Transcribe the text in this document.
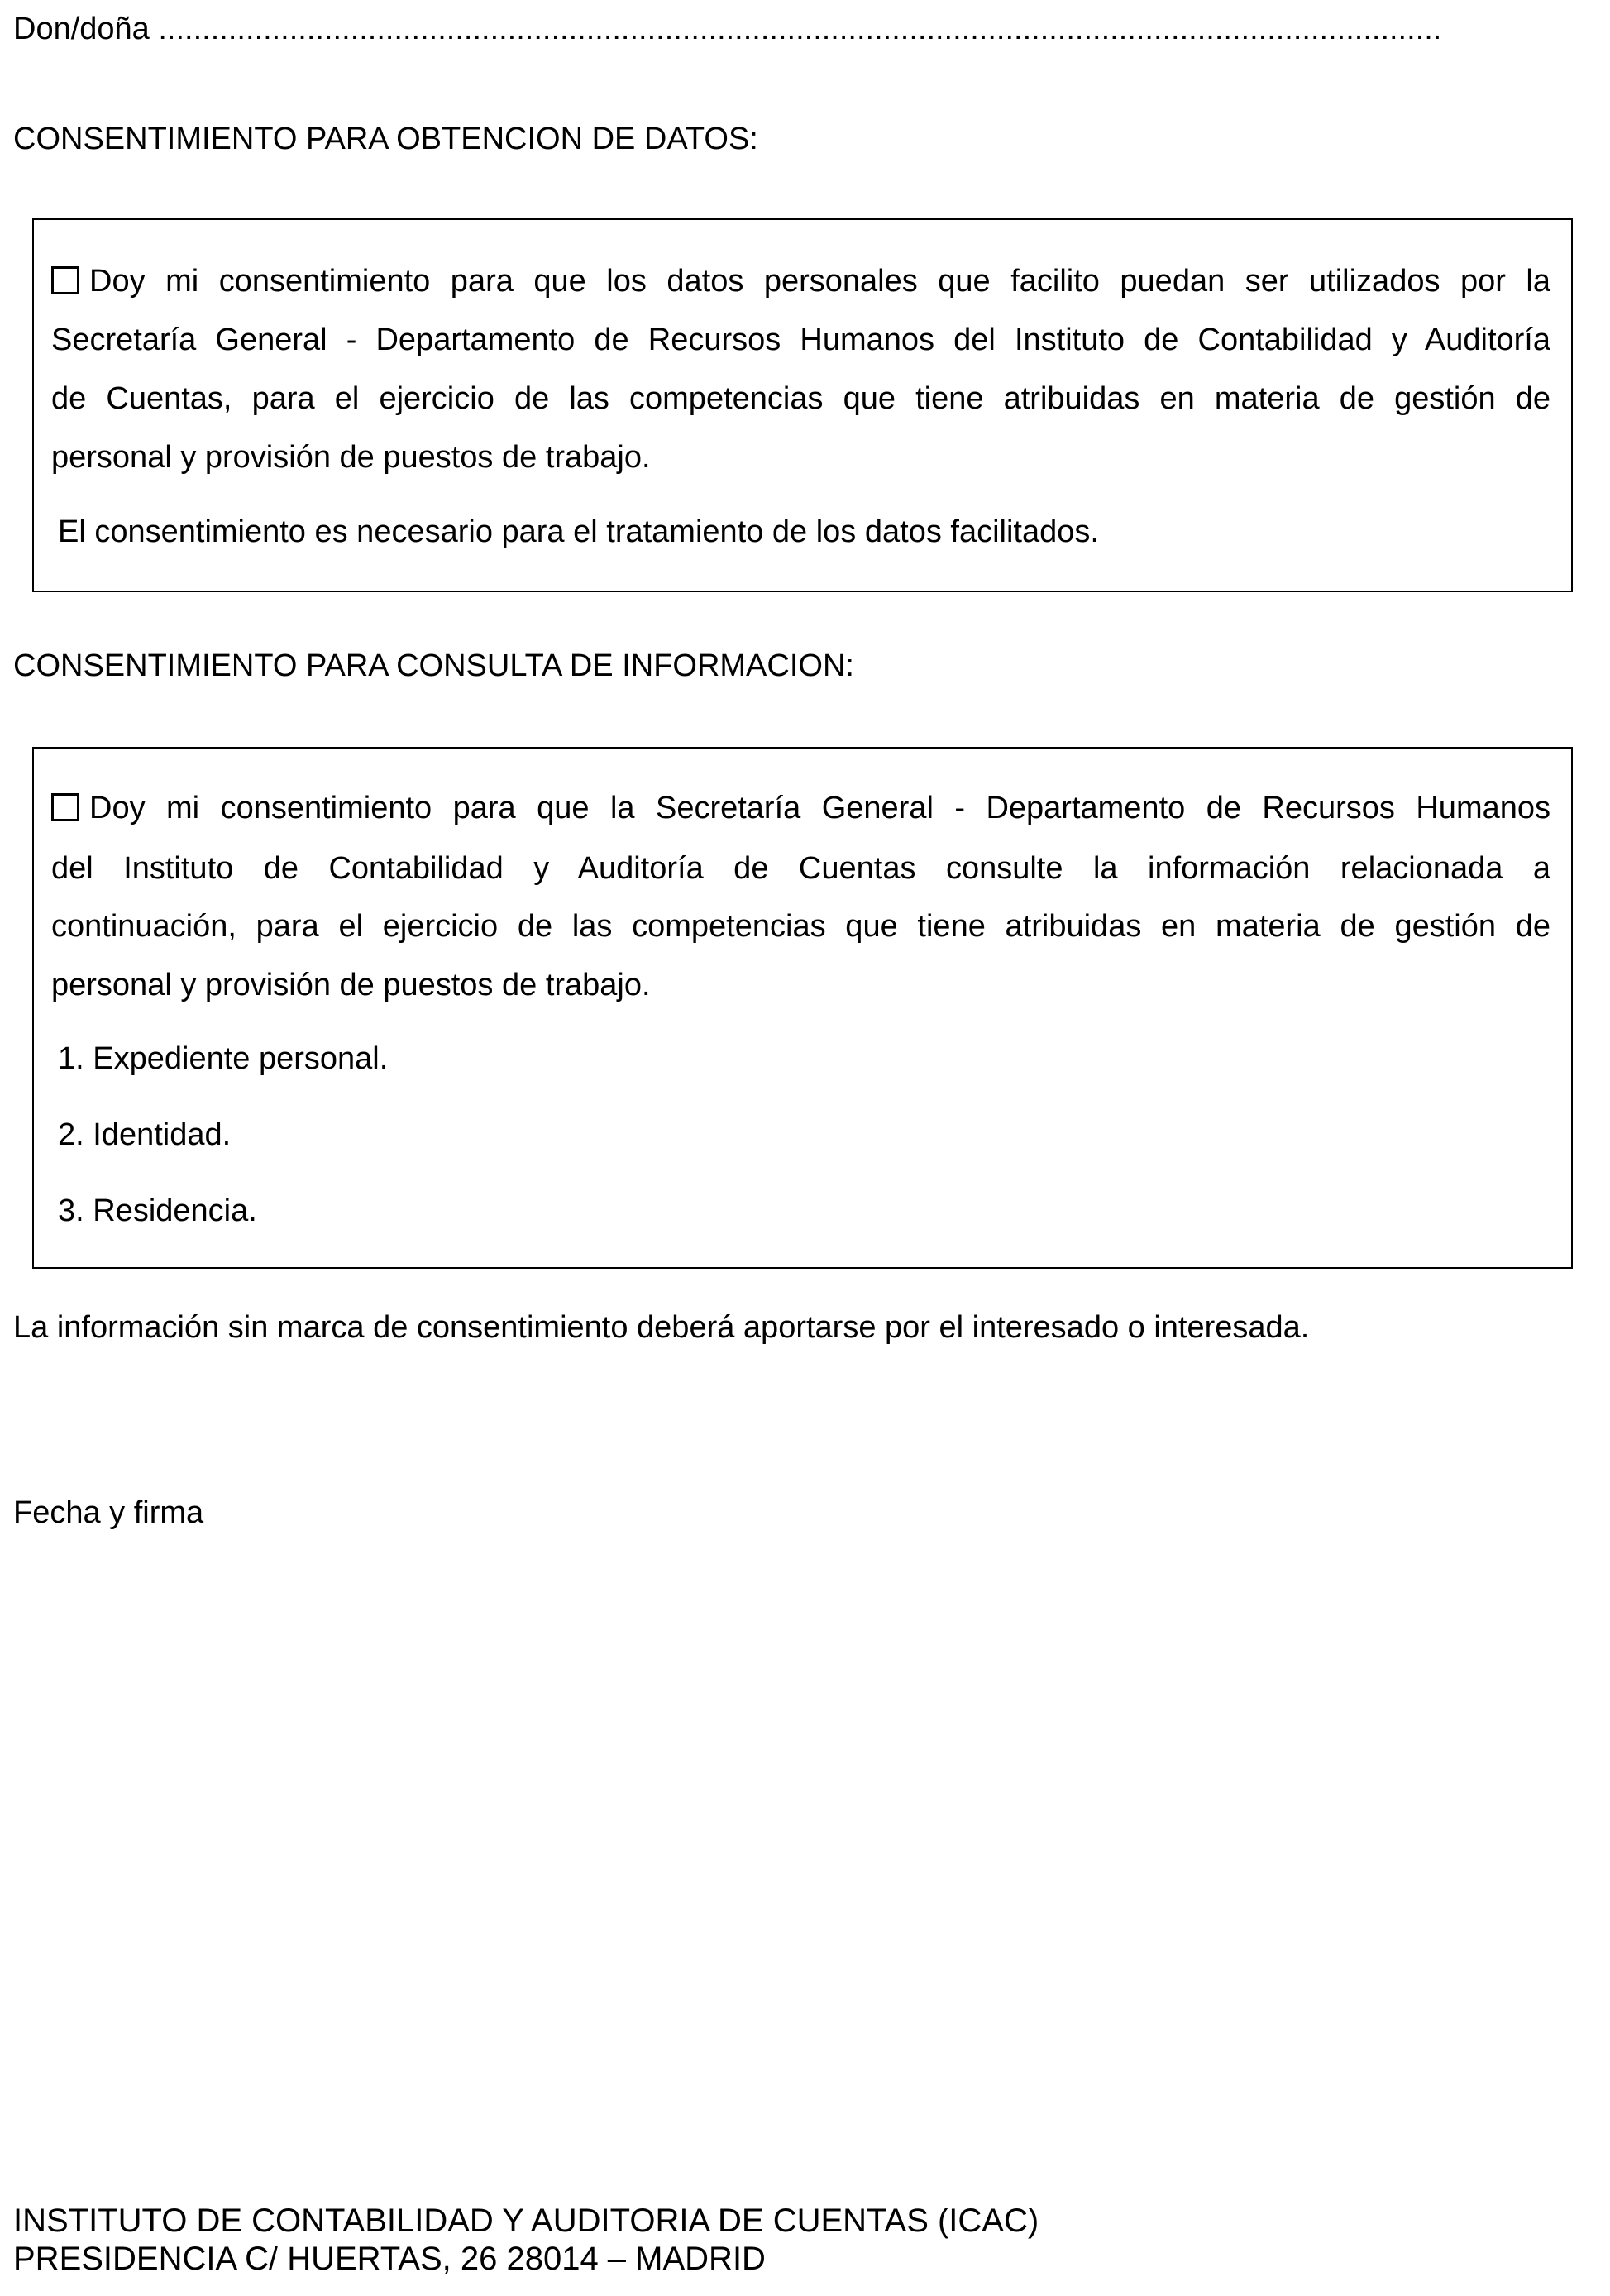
Don/doña ...................................................................................................................................................
CONSENTIMIENTO PARA OBTENCION DE DATOS:
Doy mi consentimiento para que los datos personales que facilito puedan ser utilizados por la
Secretaría General - Departamento de Recursos Humanos del Instituto de Contabilidad y Auditoría
de Cuentas, para el ejercicio de las competencias que tiene atribuidas en materia de gestión de
personal y provisión de puestos de trabajo.
El consentimiento es necesario para el tratamiento de los datos facilitados.
CONSENTIMIENTO PARA CONSULTA DE INFORMACION:
Doy mi consentimiento para que la Secretaría General - Departamento de Recursos Humanos
del Instituto de Contabilidad y Auditoría de Cuentas consulte la información relacionada a
continuación, para el ejercicio de las competencias que tiene atribuidas en materia de gestión de
personal y provisión de puestos de trabajo.
1. Expediente personal.
2. Identidad.
3. Residencia.
La información sin marca de consentimiento deberá aportarse por el interesado o interesada.
Fecha y firma
INSTITUTO DE CONTABILIDAD Y AUDITORIA DE CUENTAS (ICAC)
PRESIDENCIA C/ HUERTAS, 26 28014 – MADRID
